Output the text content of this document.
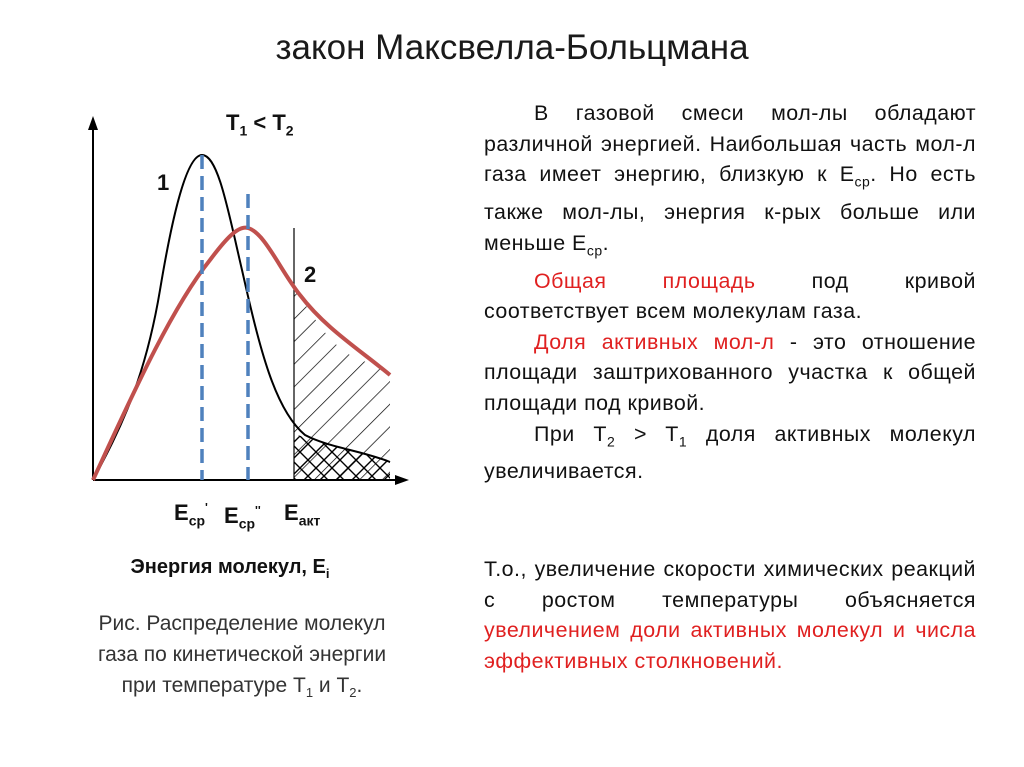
закон Максвелла-Больцмана
$T_1 < T_2$
1
2
$E_{ср}'$ $E_{ср}''$ $E_{акт}$
Энергия молекул, $E_i$
Рис. Распределение молекул
газа по кинетической энергии
при температуре $T_1$ и $T_2$.

В газовой смеси мол-лы обладают различной энергией. Наибольшая часть мол-л газа имеет энергию, близкую к $E_{ср}$. Но есть также мол-лы, энергия к-рых больше или меньше $E_{ср}$.

Общая площадь под кривой соответствует всем молекулам газа.

Доля активных мол-л - это отношение площади заштрихованного участка к общей площади под кривой.

При $T_2 > T_1$ доля активных молекул увеличивается.

Т.о., увеличение скорости химических реакций с ростом температуры объясняется увеличением доли активных молекул и числа эффективных столкновений.
